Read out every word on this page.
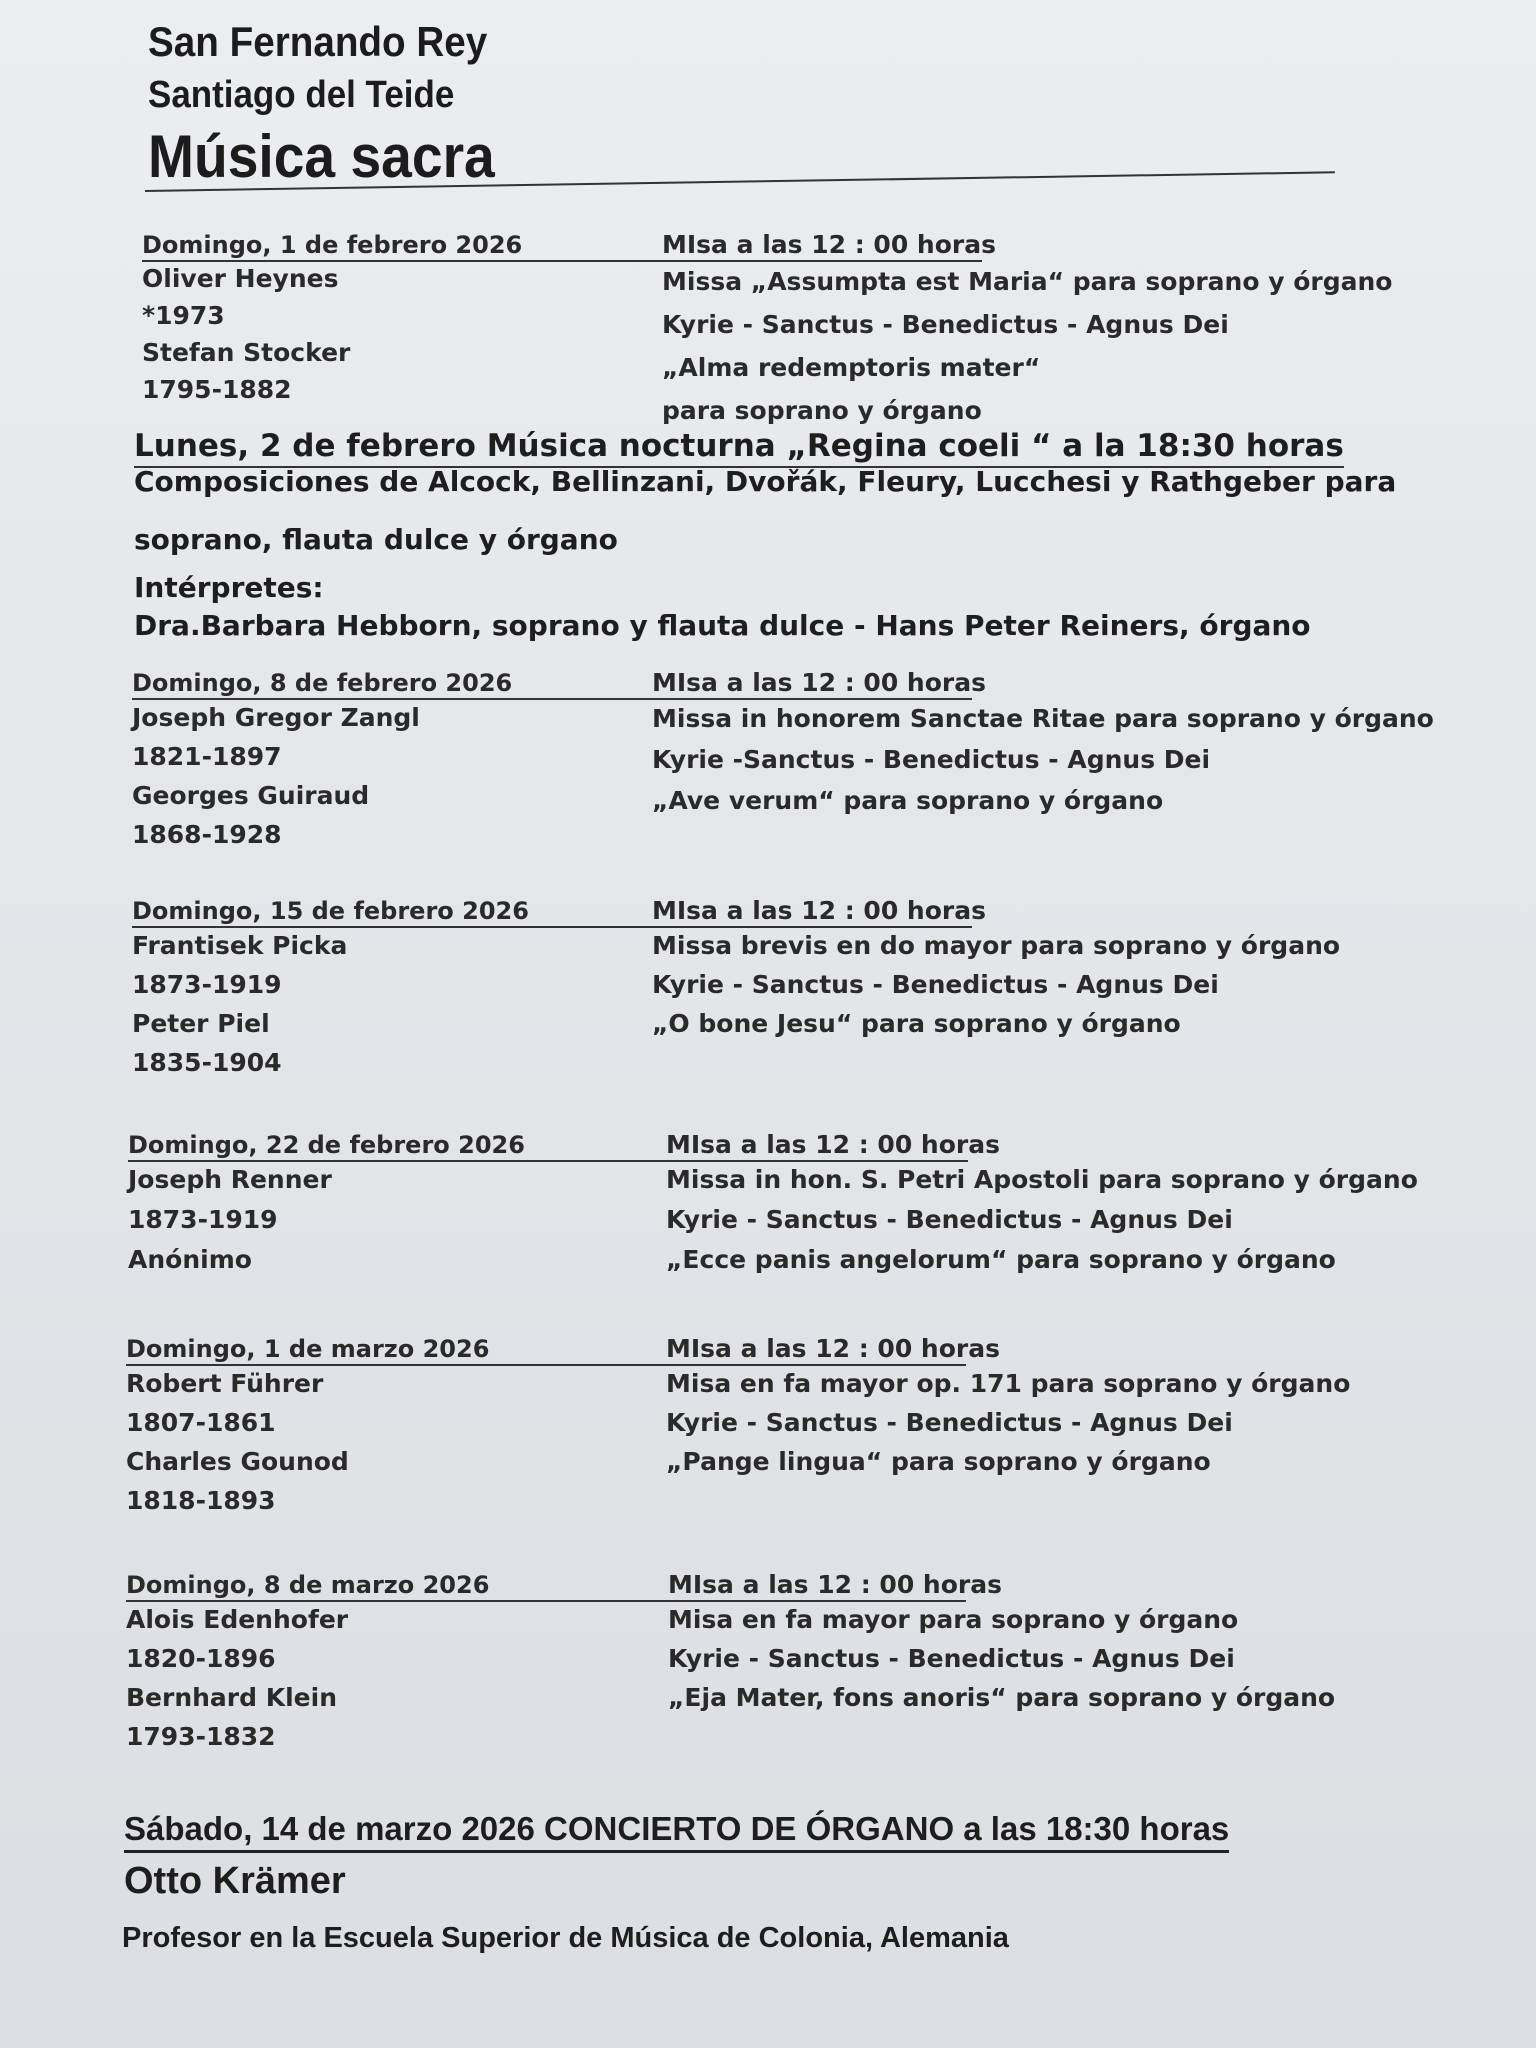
San Fernando Rey
Santiago del Teide
Música sacra
Domingo, 1 de febrero 2026
Oliver Heynes
*1973
Stefan Stocker
1795-1882
MIsa a las 12 : 00 horas
Missa „Assumpta est Maria“ para soprano y órgano
Kyrie - Sanctus - Benedictus - Agnus Dei
„Alma redemptoris mater“
para soprano y órgano
Lunes, 2 de febrero Música nocturna „Regina coeli “ a la 18:30 horas
Composiciones de Alcock, Bellinzani, Dvořák, Fleury, Lucchesi y Rathgeber para
soprano, flauta dulce y órgano
Intérpretes:
Dra.Barbara Hebborn, soprano y flauta dulce - Hans Peter Reiners, órgano
Domingo, 8 de febrero 2026
Joseph Gregor Zangl
1821-1897
Georges Guiraud
1868-1928
MIsa a las 12 : 00 horas
Missa in honorem Sanctae Ritae para soprano y órgano
Kyrie -Sanctus - Benedictus - Agnus Dei
„Ave verum“ para soprano y órgano
Domingo, 15 de febrero 2026
Frantisek Picka
1873-1919
Peter Piel
1835-1904
MIsa a las 12 : 00 horas
Missa brevis en do mayor para soprano y órgano
Kyrie - Sanctus - Benedictus - Agnus Dei
„O bone Jesu“ para soprano y órgano
Domingo, 22 de febrero 2026
Joseph Renner
1873-1919
Anónimo
MIsa a las 12 : 00 horas
Missa in hon. S. Petri Apostoli para soprano y órgano
Kyrie - Sanctus - Benedictus - Agnus Dei
„Ecce panis angelorum“ para soprano y órgano
Domingo, 1 de marzo 2026
Robert Führer
1807-1861
Charles Gounod
1818-1893
MIsa a las 12 : 00 horas
Misa en fa mayor op. 171 para soprano y órgano
Kyrie - Sanctus - Benedictus - Agnus Dei
„Pange lingua“ para soprano y órgano
Domingo, 8 de marzo 2026
Alois Edenhofer
1820-1896
Bernhard Klein
1793-1832
MIsa a las 12 : 00 horas
Misa en fa mayor para soprano y órgano
Kyrie - Sanctus - Benedictus - Agnus Dei
„Eja Mater, fons anoris“ para soprano y órgano
Sábado, 14 de marzo 2026 CONCIERTO DE ÓRGANO a las 18:30 horas
Otto Krämer
Profesor en la Escuela Superior de Música de Colonia, Alemania
